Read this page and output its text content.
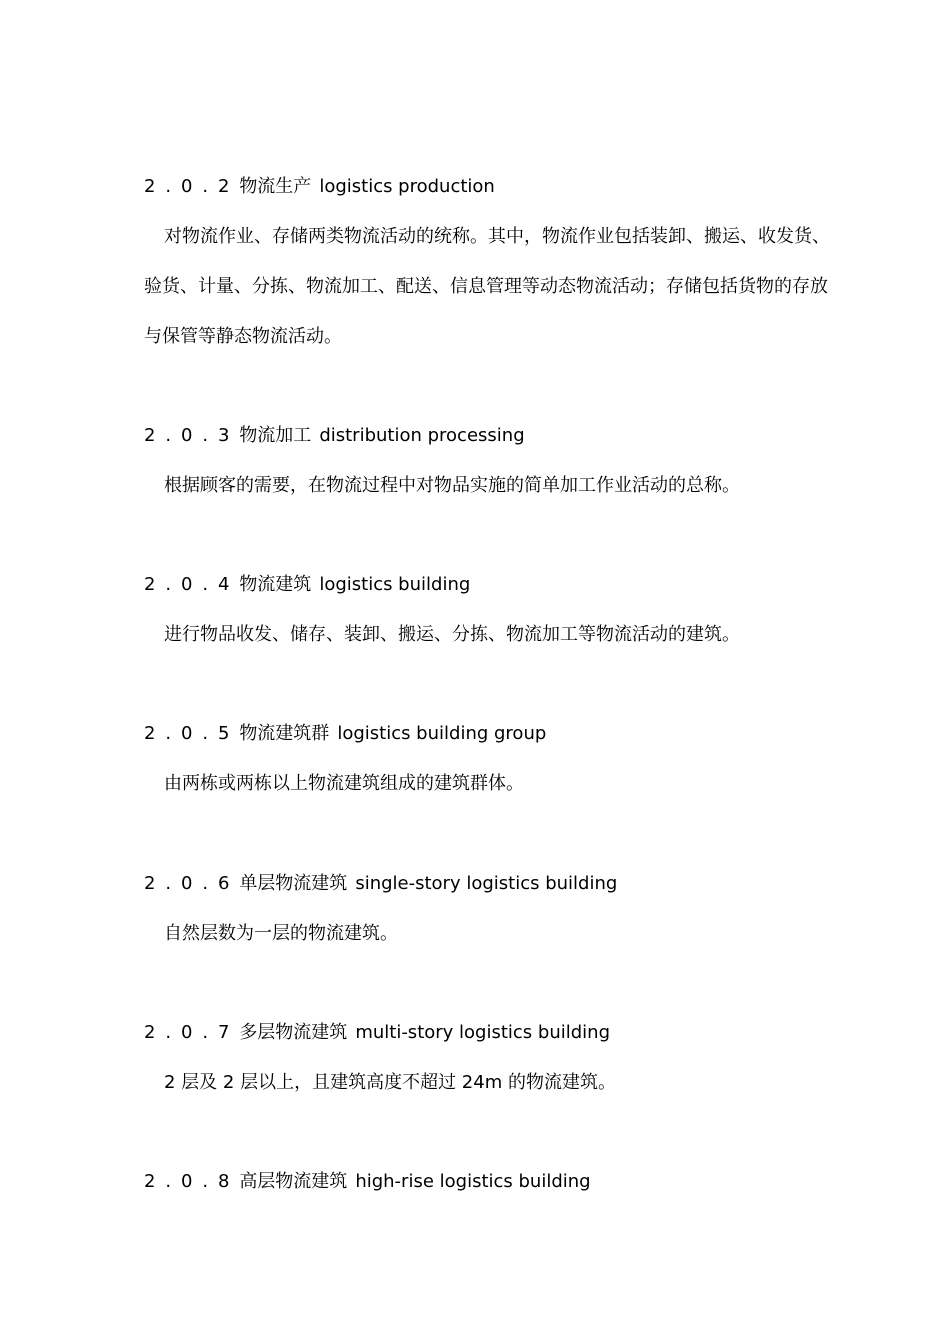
2.0.2物流生产 logistics production
对物流作业、存储两类物流活动的统称。其中，物流作业包括装卸、搬运、收发货、
验货、计量、分拣、物流加工、配送、信息管理等动态物流活动；存储包括货物的存放
与保管等静态物流活动。
2.0.3物流加工 distribution processing
根据顾客的需要，在物流过程中对物品实施的简单加工作业活动的总称。
2.0.4物流建筑 logistics building
进行物品收发、储存、装卸、搬运、分拣、物流加工等物流活动的建筑。
2.0.5物流建筑群 logistics building group
由两栋或两栋以上物流建筑组成的建筑群体。
2.0.6单层物流建筑 single-story logistics building
自然层数为一层的物流建筑。
2.0.7多层物流建筑 multi-story logistics building
2 层及 2 层以上，且建筑高度不超过 24m 的物流建筑。
2.0.8高层物流建筑 high-rise logistics building
